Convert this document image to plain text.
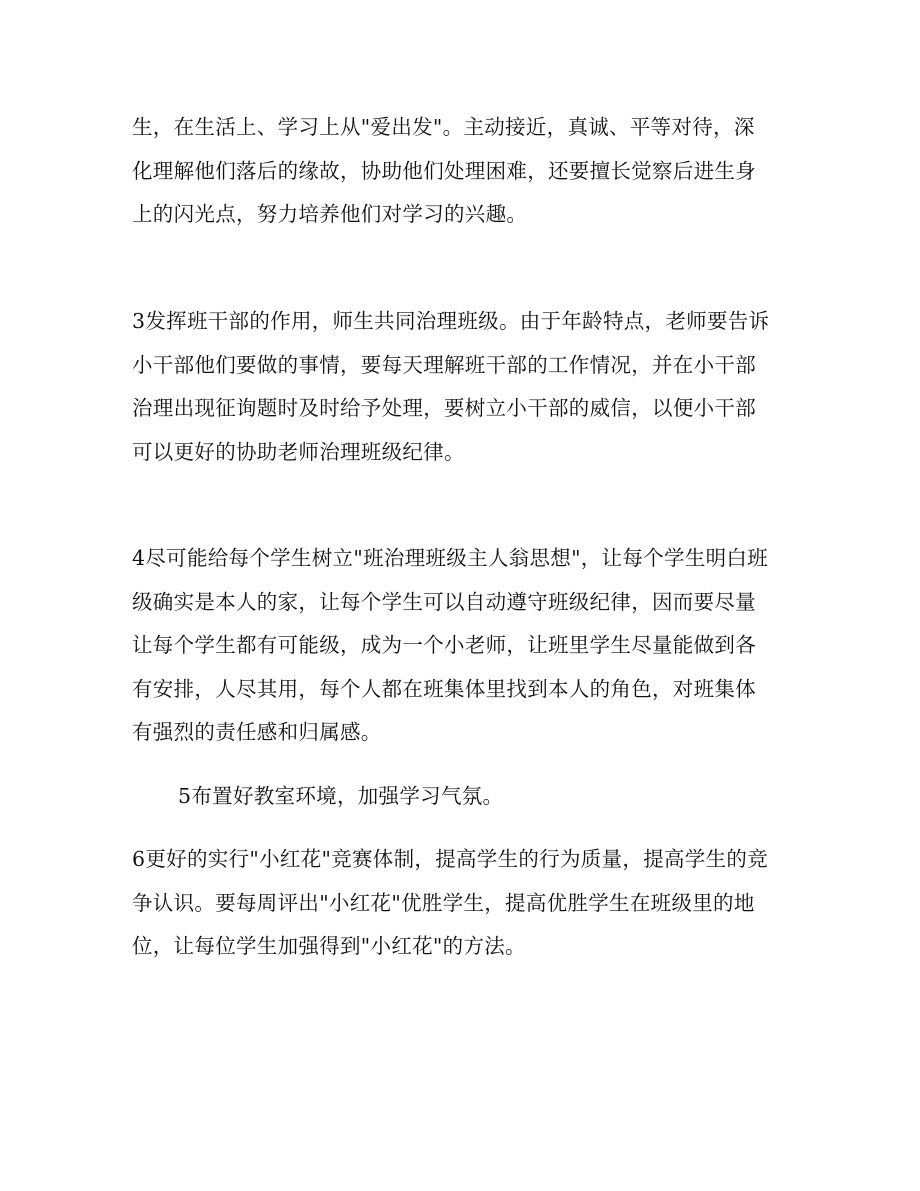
生，在生活上、学习上从"爱出发"。主动接近，真诚、平等对待，深
化理解他们落后的缘故，协助他们处理困难，还要擅长觉察后进生身
上的闪光点，努力培养他们对学习的兴趣。

3发挥班干部的作用，师生共同治理班级。由于年龄特点，老师要告诉
小干部他们要做的事情，要每天理解班干部的工作情况，并在小干部
治理出现征询题时及时给予处理，要树立小干部的威信，以便小干部
可以更好的协助老师治理班级纪律。

4尽可能给每个学生树立"班治理班级主人翁思想"，让每个学生明白班
级确实是本人的家，让每个学生可以自动遵守班级纪律，因而要尽量
让每个学生都有可能级，成为一个小老师，让班里学生尽量能做到各
有安排，人尽其用，每个人都在班集体里找到本人的角色，对班集体
有强烈的责任感和归属感。

5布置好教室环境，加强学习气氛。

6更好的实行"小红花"竞赛体制，提高学生的行为质量，提高学生的竞
争认识。要每周评出"小红花"优胜学生，提高优胜学生在班级里的地
位，让每位学生加强得到"小红花"的方法。
